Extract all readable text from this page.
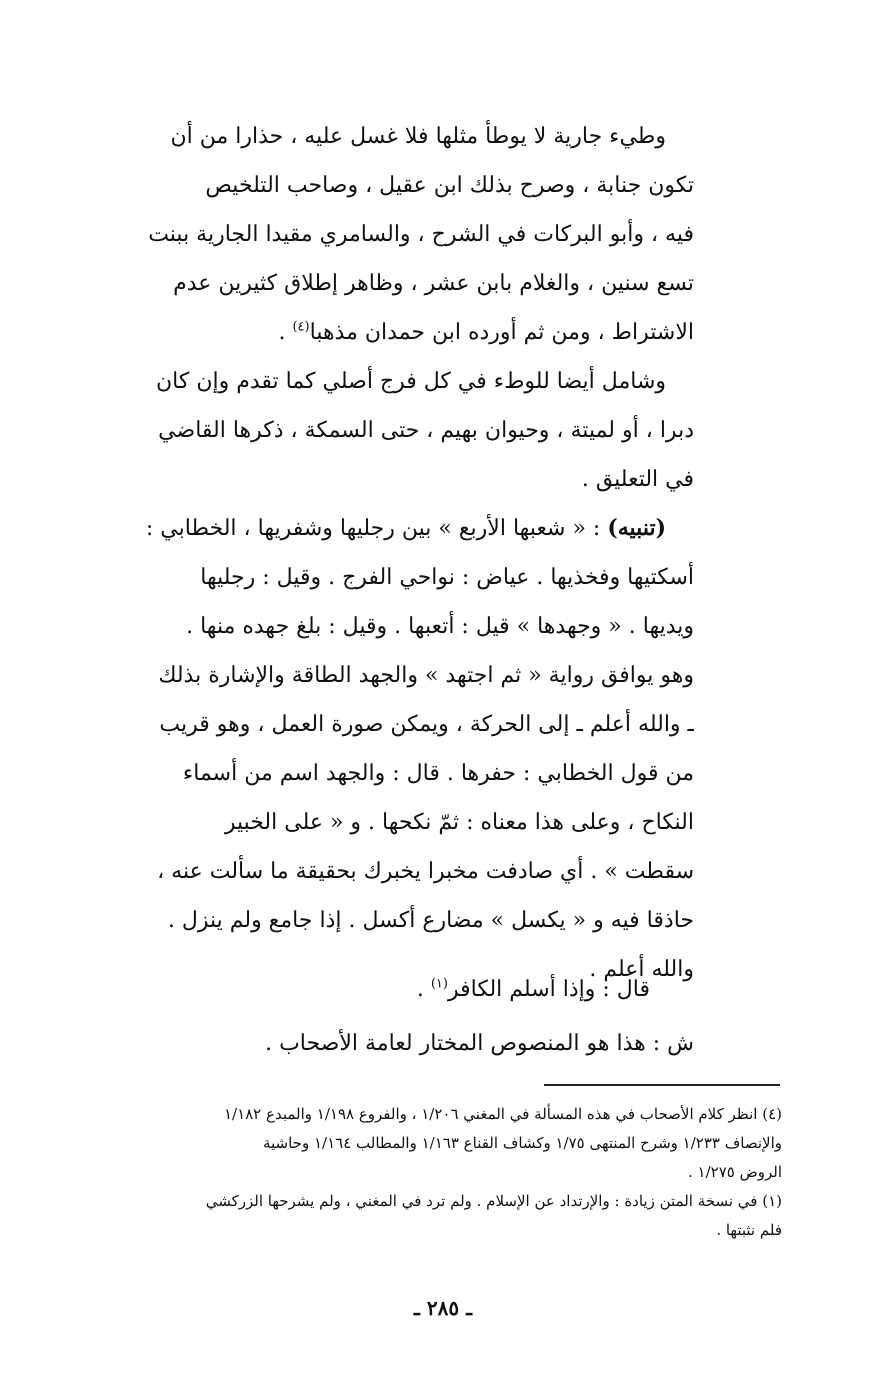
وطيء جارية لا يوطأ مثلها فلا غسل عليه ، حذارا من أن
تكون جنابة ، وصرح بذلك ابن عقيل ، وصاحب التلخيص
فيه ، وأبو البركات في الشرح ، والسامري مقيدا الجارية ببنت
تسع سنين ، والغلام بابن عشر ، وظاهر إطلاق كثيرين عدم
الاشتراط ، ومن ثم أورده ابن حمدان مذهبا$^{(٤)}$ .
وشامل أيضا للوطء في كل فرج أصلي كما تقدم وإن كان
دبرا ، أو لميتة ، وحيوان بهيم ، حتى السمكة ، ذكرها القاضي
في التعليق .
(تنبيه) : « شعبها الأربع » بين رجليها وشفريها ، الخطابي :
أسكتيها وفخذيها . عياض : نواحي الفرج . وقيل : رجليها
ويديها . « وجهدها » قيل : أتعبها . وقيل : بلغ جهده منها .
وهو يوافق رواية « ثم اجتهد » والجهد الطاقة والإشارة بذلك
ـ والله أعلم ـ إلى الحركة ، ويمكن صورة العمل ، وهو قريب
من قول الخطابي : حفرها . قال : والجهد اسم من أسماء
النكاح ، وعلى هذا معناه : ثمّ نكحها . و « على الخبير
سقطت » . أي صادفت مخبرا يخبرك بحقيقة ما سألت عنه ،
حاذقا فيه و « يكسل » مضارع أكسل . إذا جامع ولم ينزل .
والله أعلم .
قال : وإذا أسلم الكافر$^{(١)}$ .
ش : هذا هو المنصوص المختار لعامة الأصحاب .
(٤) انظر كلام الأصحاب في هذه المسألة في المغني ١/٢٠٦ ، والفروع ١/١٩٨ والمبدع ١/١٨٢
والإنصاف ١/٢٣٣ وشرح المنتهى ١/٧٥ وكشاف القناع ١/١٦٣ والمطالب ١/١٦٤ وحاشية
الروض ١/٢٧٥ .
(١) في نسخة المتن زيادة : والإرتداد عن الإسلام . ولم ترد في المغني ، ولم يشرحها الزركشي
فلم نثبتها .
ـ ٢٨٥ ـ
